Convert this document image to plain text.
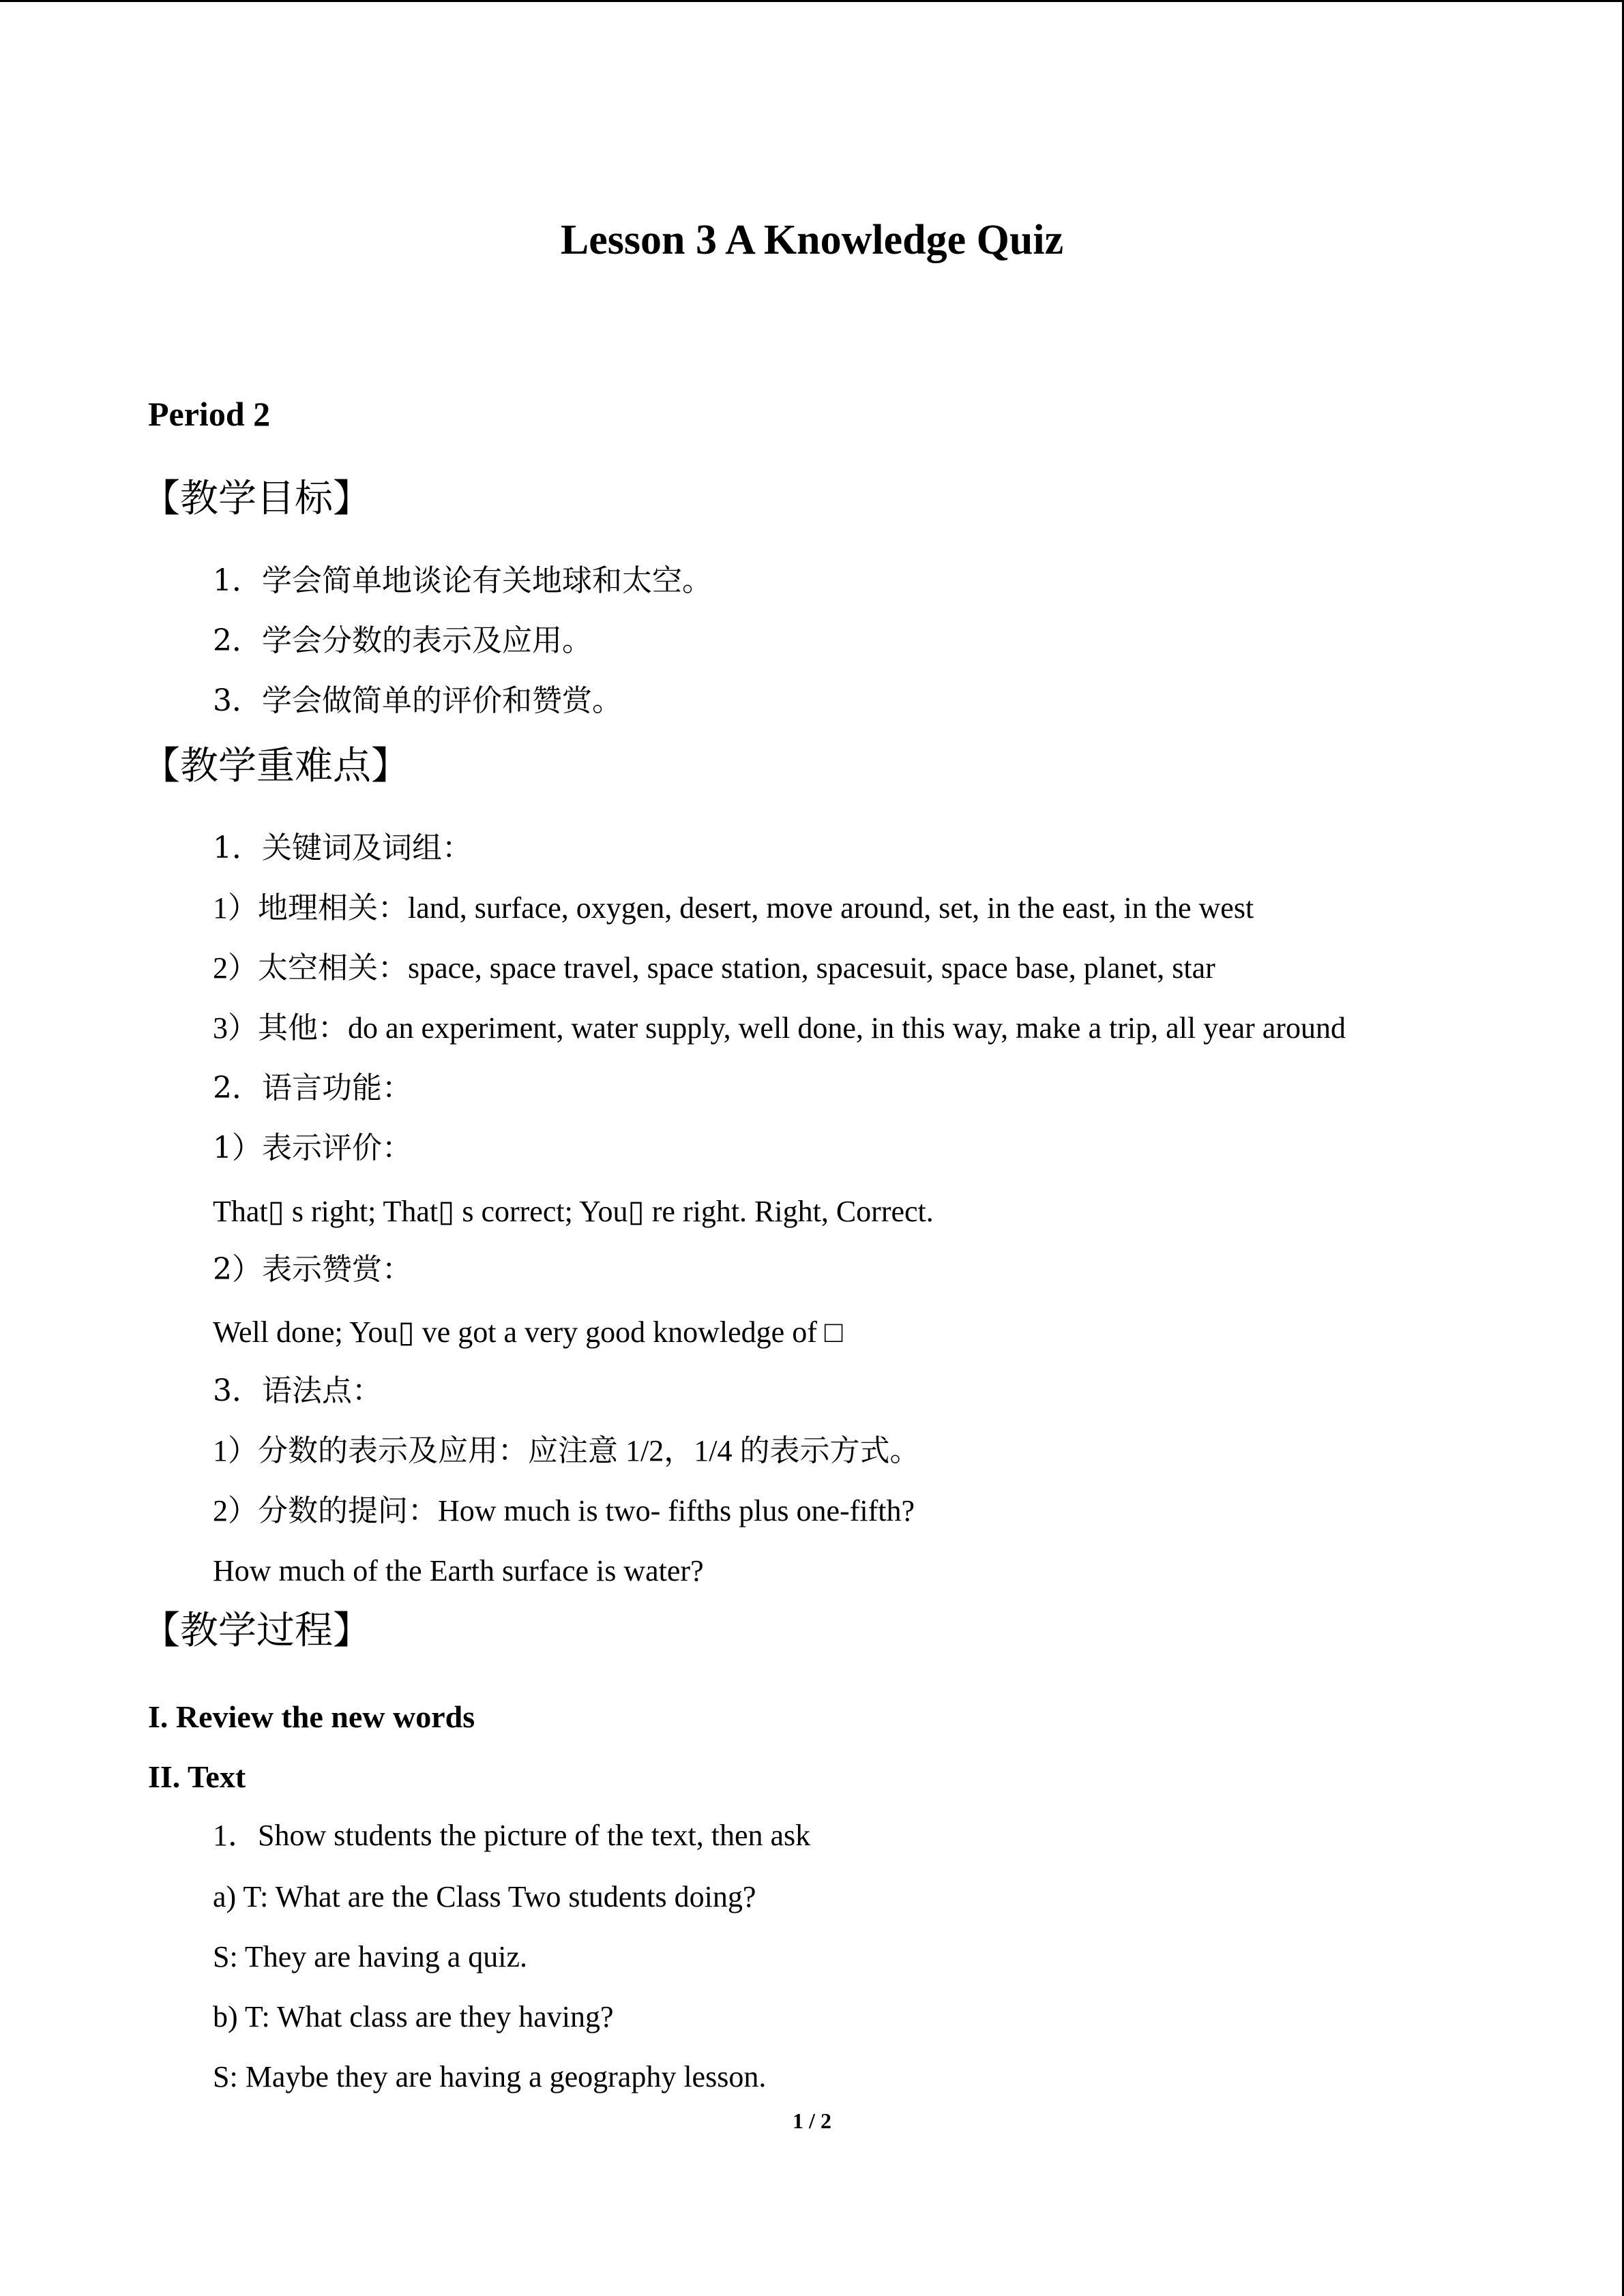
Lesson 3 A Knowledge Quiz
Period 2
【教学目标】
1．学会简单地谈论有关地球和太空。
2．学会分数的表示及应用。
3．学会做简单的评价和赞赏。
【教学重难点】
1．关键词及词组：
1）地理相关：land, surface, oxygen, desert, move around, set, in the east, in the west
2）太空相关：space, space travel, space station, spacesuit, space base, planet, star
3）其他：do an experiment, water supply, well done, in this way, make a trip, all year around
2．语言功能：
1）表示评价：
That▯ s right; That▯ s correct; You▯ re right. Right, Correct.
2）表示赞赏：
Well done; You▯ ve got a very good knowledge of □
3．语法点：
1）分数的表示及应用：应注意 1/2，1/4 的表示方式。
2）分数的提问：How much is two- fifths plus one-fifth?
How much of the Earth surface is water?
【教学过程】
I. Review the new words
II. Text
1．Show students the picture of the text, then ask
a) T: What are the Class Two students doing?
S: They are having a quiz.
b) T: What class are they having?
S: Maybe they are having a geography lesson.
1 / 2
